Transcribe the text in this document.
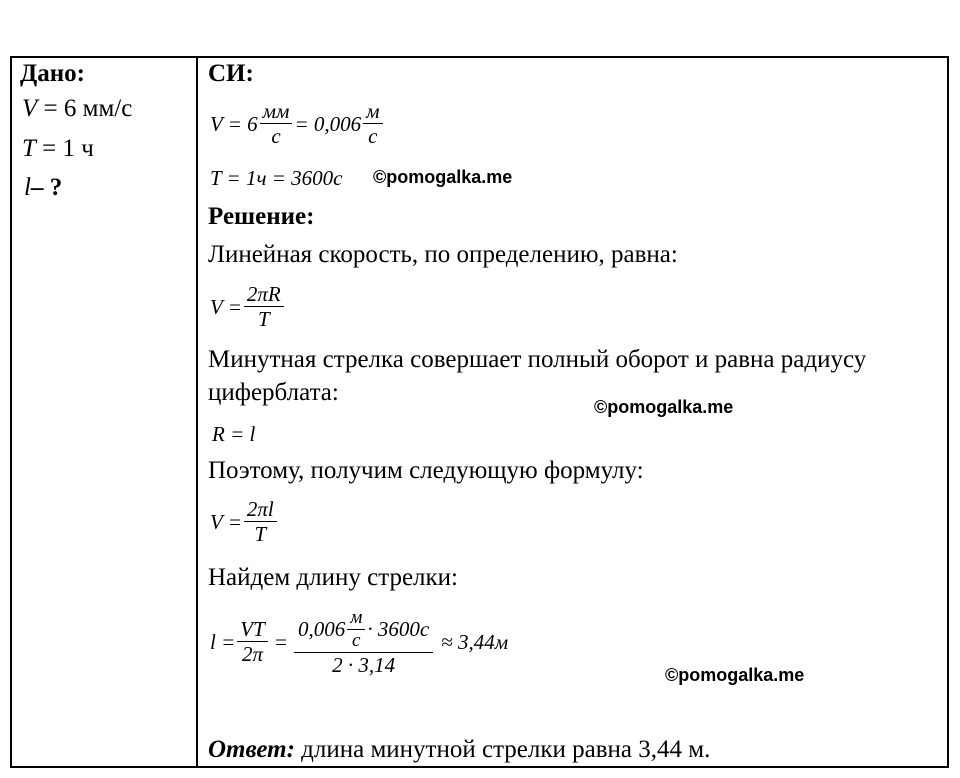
Дано:
V = 6 мм/с
T = 1 ч
l– ?
СИ:
$V = 6 \frac{мм}{с} = 0,006 \frac{м}{с}$
T = 1ч = 3600с ©pomogalka.me
Решение:
Линейная скорость, по определению, равна:
$V = \frac{2\pi R}{T}$
Минутная стрелка совершает полный оборот и равна радиусу
циферблата:
©pomogalka.me
R = l
Поэтому, получим следующую формулу:
$V = \frac{2\pi l}{T}$
Найдем длину стрелки:
$l = \frac{VT}{2\pi} = \frac{0,006 \frac{м}{с} \cdot 3600с}{2 \cdot 3,14} \approx 3,44м$
©pomogalka.me
Ответ: длина минутной стрелки равна 3,44 м.
